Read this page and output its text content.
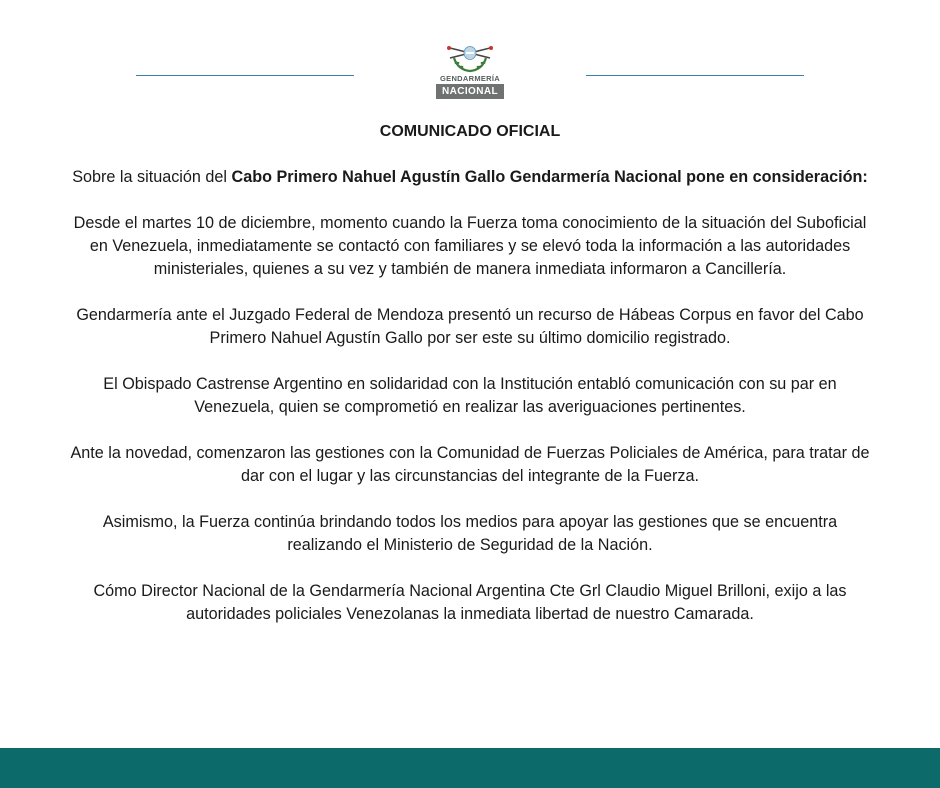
GENDARMERÍA
NACIONAL

COMUNICADO OFICIAL

Sobre la situación del Cabo Primero Nahuel Agustín Gallo Gendarmería Nacional pone en consideración:

Desde el martes 10 de diciembre, momento cuando la Fuerza toma conocimiento de la situación del Suboficial en Venezuela, inmediatamente se contactó con familiares y se elevó toda la información a las autoridades ministeriales, quienes a su vez y también de manera inmediata informaron a Cancillería.

Gendarmería ante el Juzgado Federal de Mendoza presentó un recurso de Hábeas Corpus en favor del Cabo Primero Nahuel Agustín Gallo por ser este su último domicilio registrado.

El Obispado Castrense Argentino en solidaridad con la Institución entabló comunicación con su par en Venezuela, quien se comprometió en realizar las averiguaciones pertinentes.

Ante la novedad, comenzaron las gestiones con la Comunidad de Fuerzas Policiales de América, para tratar de dar con el lugar y las circunstancias del integrante de la Fuerza.

Asimismo, la Fuerza continúa brindando todos los medios para apoyar las gestiones que se encuentra realizando el Ministerio de Seguridad de la Nación.

Cómo Director Nacional de la Gendarmería Nacional Argentina Cte Grl Claudio Miguel Brilloni, exijo a las autoridades policiales Venezolanas la inmediata libertad de nuestro Camarada.
